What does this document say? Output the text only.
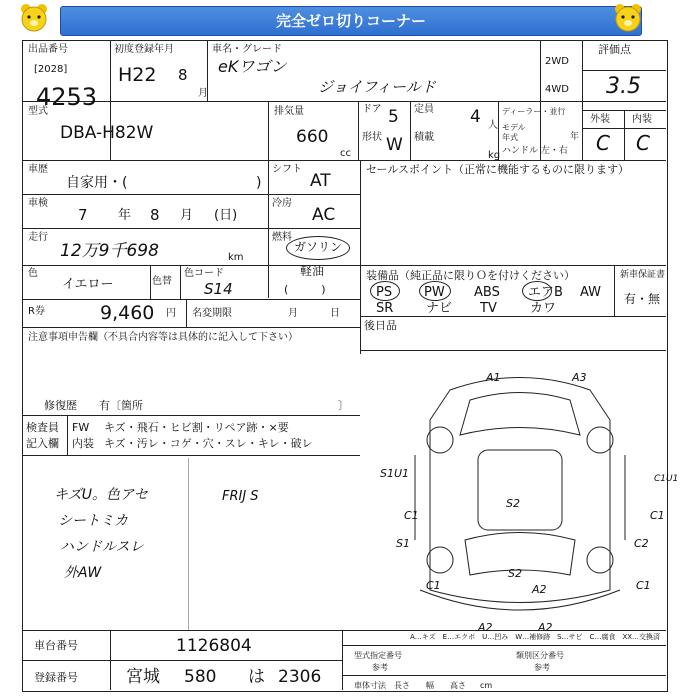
完全ゼロ切りコーナー
出品番号
[2028]
4253
初度登録年月
H22 8
月
車名・グレード
eKワゴン
ジョイフィールド
2WD
4WD
評価点
3.5
外装 内装
C C
型式
DBA-H82W
排気量
660
cc
ドア 5
形状 W
定員 4 人
積載
kg
ディーラー・並行
モデル
年式	年
ハンドル 左・右
車歴
自家用・(	)
シフト
AT
セールスポイント（正常に機能するものに限ります）
車検
7 年 8 月 (日)
冷房
AC
走行
12万9千698	km
燃料
ガソリン
軽油
(　　　)
色
イエロー	色替
色コード
S14
装備品（純正品に限りＯを付けください）	新車保証書
有・無
PS PW ABS エアB AW
SR	ナビ TV	カワ
R券	9,460 円 名変期限	月	日
注意事項申告欄（不具合内容等は具体的に記入して下さい）
修復歴　　有〔箇所	〕
後日品
検査員
記入欄
FW キズ・飛石・ヒビ割・リペア跡・×要
内装 キズ・汚レ・コゲ・穴・スレ・キレ・破レ
キズU。色アセ
シートミカ
ハンドルスレ
外AW
FRIJ S
A1	A3
S1U1	C1U1
C1	C1
S1
S2
C2
S2
C1	A2	C1
A2	A2
A…キズ　E…エクボ　U…凹み　W…補修跡　S…サビ　C…腐食　XX…交換済
車台番号	1126804
登録番号	宮城 580 は 2306
型式指定番号
参考
類別区分番号
参考
車体寸法　長さ　　幅　　高さ cm
